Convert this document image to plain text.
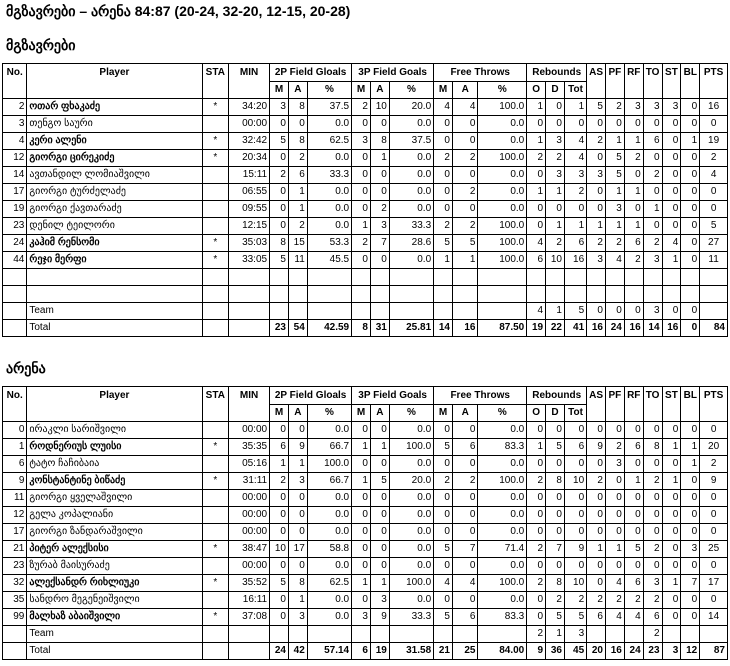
მგზავრები – არენა 84:87 (20-24, 32-20, 12-15, 20-28)
მგზავრები
No.	Player	STA	MIN	2P Field Gloals			3P Field Goals			Free Throws			Rebounds			AS	PF	RF	TO	ST	BL	PTS
				M	A	%	M	A	%	M	A	%	O	D	Tot							
2	ოთარ ფხაკაძე	*	34:20	3	8	37.5	2	10	20.0	4	4	100.0	1	0	1	5	2	3	3	3	0	16
3	თენგო საური		00:00	0	0	0.0	0	0	0.0	0	0	0.0	0	0	0	0	0	0	0	0	0	0
4	კერი ალენი	*	32:42	5	8	62.5	3	8	37.5	0	0	0.0	1	3	4	2	1	1	6	0	1	19
12	გიორგი ცირეკიძე	*	20:34	0	2	0.0	0	1	0.0	2	2	100.0	2	2	4	0	5	2	0	0	0	2
14	ავთანდილ ლომიაშვილი		15:11	2	6	33.3	0	0	0.0	0	0	0.0	0	3	3	3	5	0	2	0	0	4
17	გიორგი ტურძელაძე		06:55	0	1	0.0	0	0	0.0	0	2	0.0	1	1	2	0	1	1	0	0	0	0
19	გიორგი ქავთარაძე		09:55	0	1	0.0	0	2	0.0	0	0	0.0	0	0	0	0	3	0	1	0	0	0
23	დენილ ტეილორი		12:15	0	2	0.0	1	3	33.3	2	2	100.0	0	1	1	1	1	1	0	0	0	5
24	კაჰიმ რენსომი	*	35:03	8	15	53.3	2	7	28.6	5	5	100.0	4	2	6	2	2	6	2	4	0	27
44	რეჯი მერფი	*	33:05	5	11	45.5	0	0	0.0	1	1	100.0	6	10	16	3	4	2	3	1	0	11

	Team												4	1	5	0	0	0	3	0	0	
	Total			23	54	42.59	8	31	25.81	14	16	87.50	19	22	41	16	24	16	14	16	0	84
არენა
No.	Player	STA	MIN	2P Field Gloals			3P Field Goals			Free Throws			Rebounds			AS	PF	RF	TO	ST	BL	PTS
				M	A	%	M	A	%	M	A	%	O	D	Tot							
0	ირაკლი სარიშვილი		00:00	0	0	0.0	0	0	0.0	0	0	0.0	0	0	0	0	0	0	0	0	0	0
1	როდნერიუს ლუისი	*	35:35	6	9	66.7	1	1	100.0	5	6	83.3	1	5	6	9	2	6	8	1	1	20
6	ტატო ჩაჩიბაია		05:16	1	1	100.0	0	0	0.0	0	0	0.0	0	0	0	0	3	0	0	0	1	2
9	კონსტანტინე ბიწაძე	*	31:11	2	3	66.7	1	5	20.0	2	2	100.0	2	8	10	2	0	1	2	1	0	9
11	გიორგი ყველაშვილი		00:00	0	0	0.0	0	0	0.0	0	0	0.0	0	0	0	0	0	0	0	0	0	0
12	გელა კოპალიანი		00:00	0	0	0.0	0	0	0.0	0	0	0.0	0	0	0	0	0	0	0	0	0	0
17	გიორგი ზანდარაშვილი		00:00	0	0	0.0	0	0	0.0	0	0	0.0	0	0	0	0	0	0	0	0	0	0
21	პიტერ ალექსისი	*	38:47	10	17	58.8	0	0	0.0	5	7	71.4	2	7	9	1	1	5	2	0	3	25
23	ზურაბ მაისურაძე		00:00	0	0	0.0	0	0	0.0	0	0	0.0	0	0	0	0	0	0	0	0	0	0
32	ალექსანდრ რიხლიუკი	*	35:52	5	8	62.5	1	1	100.0	4	4	100.0	2	8	10	0	4	6	3	1	7	17
35	სანდრო მეგენეიშვილი		16:11	0	1	0.0	0	3	0.0	0	0	0.0	0	2	2	2	2	2	2	0	0	0
99	მალხაზ აბაიშვილი	*	37:08	0	3	0.0	3	9	33.3	5	6	83.3	0	5	5	6	4	4	6	0	0	14
	Team												2	1	3				2			
	Total			24	42	57.14	6	19	31.58	21	25	84.00	9	36	45	20	16	24	23	3	12	87
